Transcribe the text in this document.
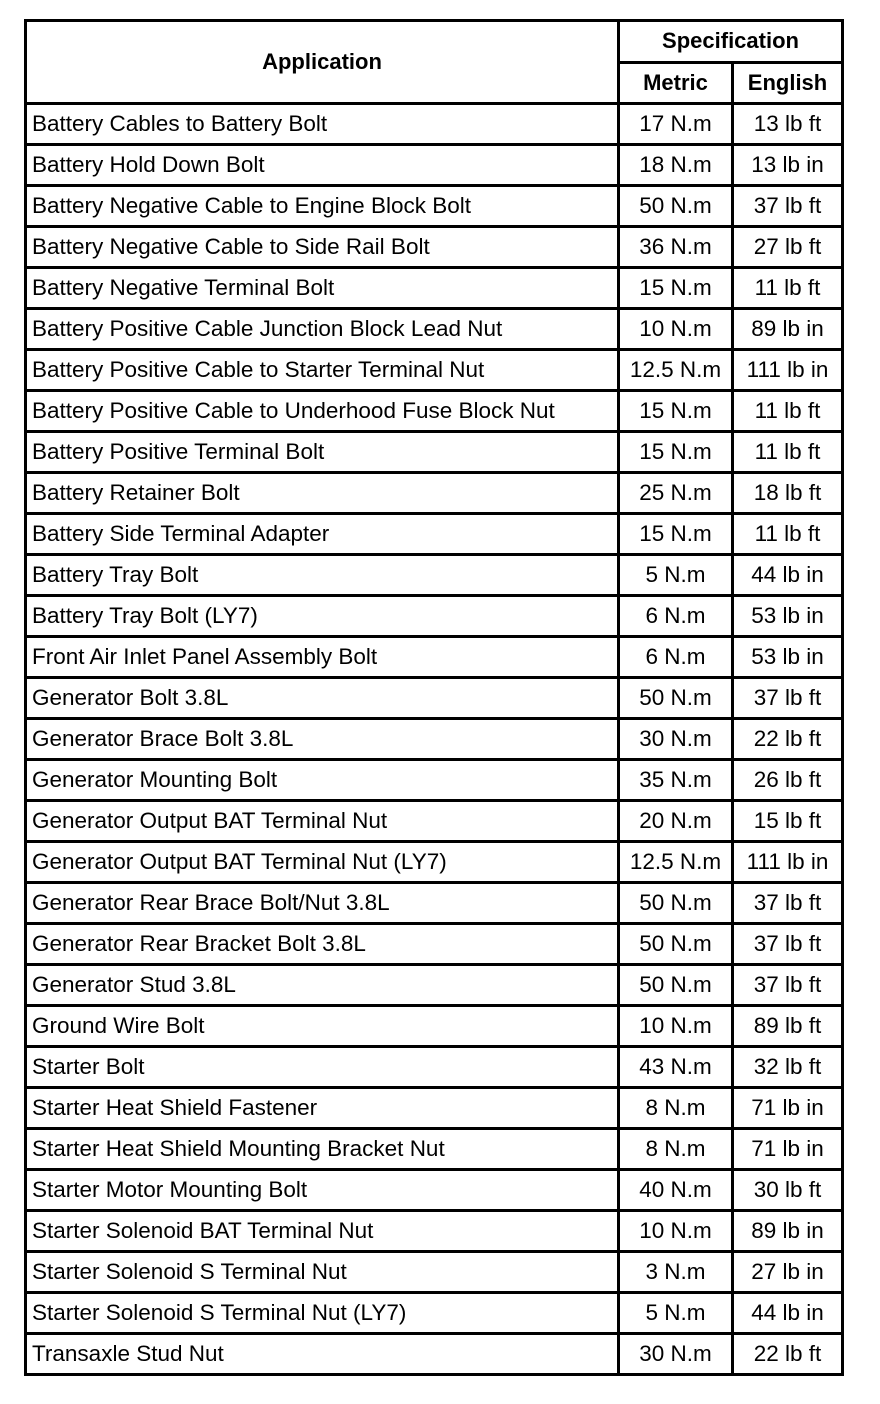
Application	Specification	
	Metric	English
Battery Cables to Battery Bolt	17 N.m	13 lb ft
Battery Hold Down Bolt	18 N.m	13 lb in
Battery Negative Cable to Engine Block Bolt	50 N.m	37 lb ft
Battery Negative Cable to Side Rail Bolt	36 N.m	27 lb ft
Battery Negative Terminal Bolt	15 N.m	11 lb ft
Battery Positive Cable Junction Block Lead Nut	10 N.m	89 lb in
Battery Positive Cable to Starter Terminal Nut	12.5 N.m	111 lb in
Battery Positive Cable to Underhood Fuse Block Nut	15 N.m	11 lb ft
Battery Positive Terminal Bolt	15 N.m	11 lb ft
Battery Retainer Bolt	25 N.m	18 lb ft
Battery Side Terminal Adapter	15 N.m	11 lb ft
Battery Tray Bolt	5 N.m	44 lb in
Battery Tray Bolt (LY7)	6 N.m	53 lb in
Front Air Inlet Panel Assembly Bolt	6 N.m	53 lb in
Generator Bolt 3.8L	50 N.m	37 lb ft
Generator Brace Bolt 3.8L	30 N.m	22 lb ft
Generator Mounting Bolt	35 N.m	26 lb ft
Generator Output BAT Terminal Nut	20 N.m	15 lb ft
Generator Output BAT Terminal Nut (LY7)	12.5 N.m	111 lb in
Generator Rear Brace Bolt/Nut 3.8L	50 N.m	37 lb ft
Generator Rear Bracket Bolt 3.8L	50 N.m	37 lb ft
Generator Stud 3.8L	50 N.m	37 lb ft
Ground Wire Bolt	10 N.m	89 lb ft
Starter Bolt	43 N.m	32 lb ft
Starter Heat Shield Fastener	8 N.m	71 lb in
Starter Heat Shield Mounting Bracket Nut	8 N.m	71 lb in
Starter Motor Mounting Bolt	40 N.m	30 lb ft
Starter Solenoid BAT Terminal Nut	10 N.m	89 lb in
Starter Solenoid S Terminal Nut	3 N.m	27 lb in
Starter Solenoid S Terminal Nut (LY7)	5 N.m	44 lb in
Transaxle Stud Nut	30 N.m	22 lb ft
